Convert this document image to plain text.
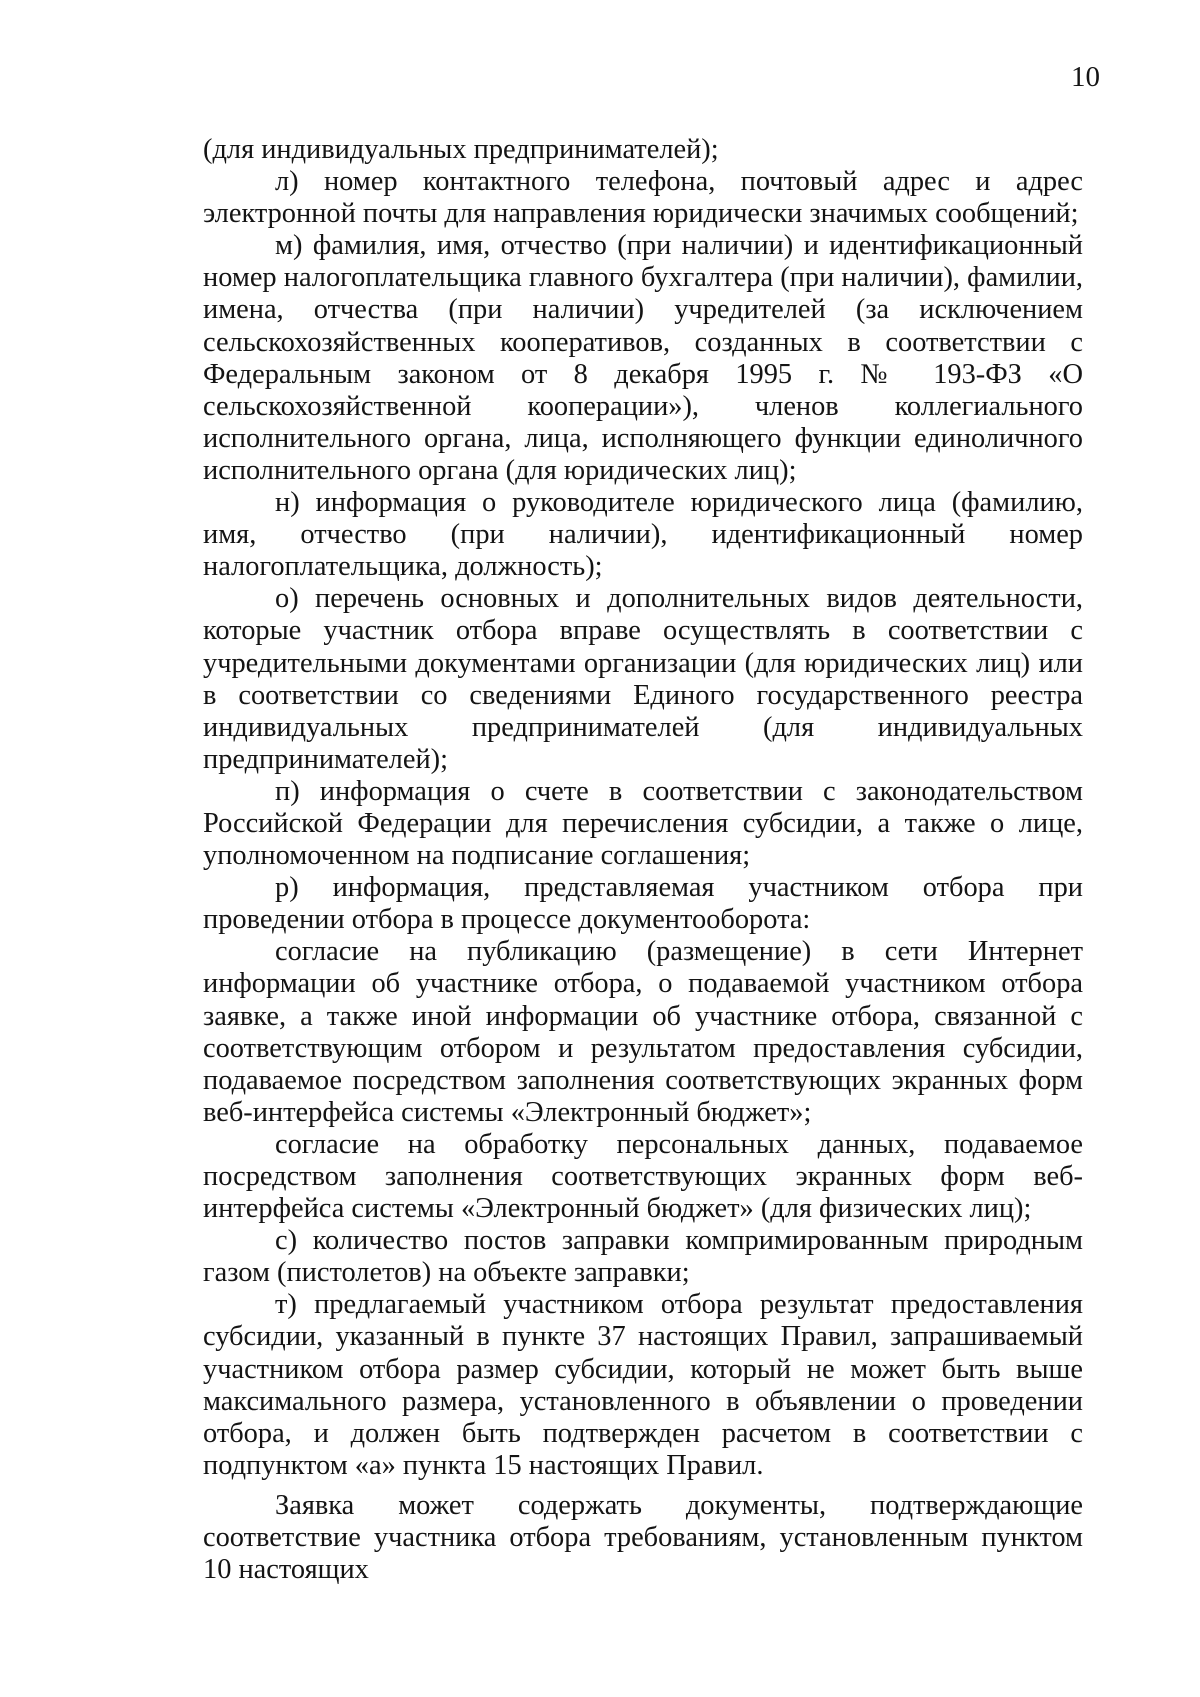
10

(для индивидуальных предпринимателей);

л) номер контактного телефона, почтовый адрес и адрес электронной почты для направления юридически значимых сообщений;

м) фамилия, имя, отчество (при наличии) и идентификационный номер налогоплательщика главного бухгалтера (при наличии), фамилии, имена, отчества (при наличии) учредителей (за исключением сельскохозяйственных кооперативов, созданных в соответствии с Федеральным законом от 8 декабря 1995 г. № 193-ФЗ «О сельскохозяйственной кооперации»), членов коллегиального исполнительного органа, лица, исполняющего функции единоличного исполнительного органа (для юридических лиц);

н) информация о руководителе юридического лица (фамилию, имя, отчество (при наличии), идентификационный номер налогоплательщика, должность);

о) перечень основных и дополнительных видов деятельности, которые участник отбора вправе осуществлять в соответствии с учредительными документами организации (для юридических лиц) или в соответствии со сведениями Единого государственного реестра индивидуальных предпринимателей (для индивидуальных предпринимателей);

п) информация о счете в соответствии с законодательством Российской Федерации для перечисления субсидии, а также о лице, уполномоченном на подписание соглашения;

р) информация, представляемая участником отбора при проведении отбора в процессе документооборота:

согласие на публикацию (размещение) в сети Интернет информации об участнике отбора, о подаваемой участником отбора заявке, а также иной информации об участнике отбора, связанной с соответствующим отбором и результатом предоставления субсидии, подаваемое посредством заполнения соответствующих экранных форм веб-интерфейса системы «Электронный бюджет»;

согласие на обработку персональных данных, подаваемое посредством заполнения соответствующих экранных форм веб-интерфейса системы «Электронный бюджет» (для физических лиц);

с) количество постов заправки компримированным природным газом (пистолетов) на объекте заправки;

т) предлагаемый участником отбора результат предоставления субсидии, указанный в пункте 37 настоящих Правил, запрашиваемый участником отбора размер субсидии, который не может быть выше максимального размера, установленного в объявлении о проведении отбора, и должен быть подтвержден расчетом в соответствии с подпунктом «а» пункта 15 настоящих Правил.

Заявка может содержать документы, подтверждающие соответствие участника отбора требованиям, установленным пунктом 10 настоящих
